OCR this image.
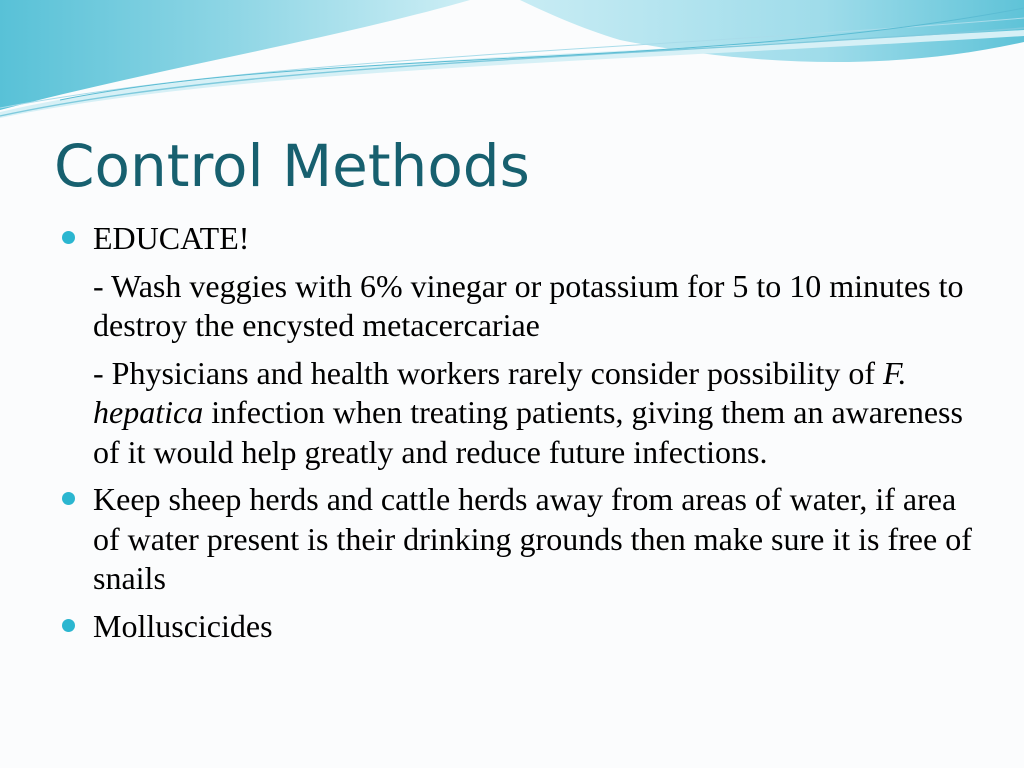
Control Methods
EDUCATE!
- Wash veggies with 6% vinegar or potassium for 5 to 10 minutes to destroy the encysted metacercariae
- Physicians and health workers rarely consider possibility of F. hepatica infection when treating patients, giving them an awareness of it would help greatly and reduce future infections.
Keep sheep herds and cattle herds away from areas of water, if area of water present is their drinking grounds then make sure it is free of snails
Molluscicides
